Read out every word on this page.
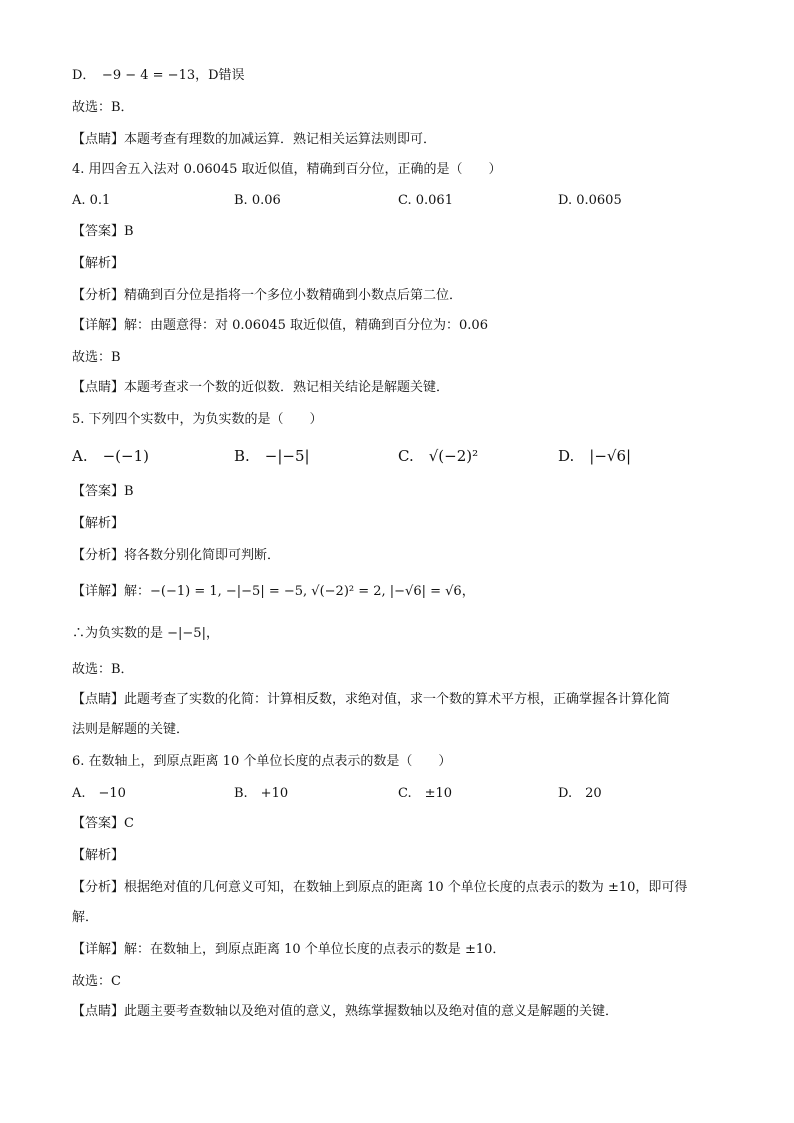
D．　−9 − 4 = −13，D错误
故选：B．
【点睛】本题考查有理数的加减运算．熟记相关运算法则即可．
4. 用四舍五入法对 0.06045 取近似值，精确到百分位，正确的是（　　）
A. 0.1	B. 0.06	C. 0.061	D. 0.0605
【答案】B
【解析】
【分析】精确到百分位是指将一个多位小数精确到小数点后第二位．
【详解】解：由题意得：对 0.06045 取近似值，精确到百分位为：0.06
故选：B
【点睛】本题考查求一个数的近似数．熟记相关结论是解题关键．
5. 下列四个实数中，为负实数的是（　　）
A.　−(−1)	B.　−|−5|	C.　√(−2)²	D.　|−√6|
【答案】B
【解析】
【分析】将各数分别化简即可判断．
【详解】解：−(−1) = 1, −|−5| = −5, √(−2)² = 2, |−√6| = √6，
∴为负实数的是 −|−5|，
故选：B．
【点睛】此题考查了实数的化简：计算相反数，求绝对值，求一个数的算术平方根，正确掌握各计算化简
法则是解题的关键．
6. 在数轴上，到原点距离 10 个单位长度的点表示的数是（　　）
A.　−10	B.　+10	C.　±10	D.　20
【答案】C
【解析】
【分析】根据绝对值的几何意义可知，在数轴上到原点的距离 10 个单位长度的点表示的数为 ±10，即可得
解．
【详解】解：在数轴上，到原点距离 10 个单位长度的点表示的数是 ±10．
故选：C
【点睛】此题主要考查数轴以及绝对值的意义，熟练掌握数轴以及绝对值的意义是解题的关键．
